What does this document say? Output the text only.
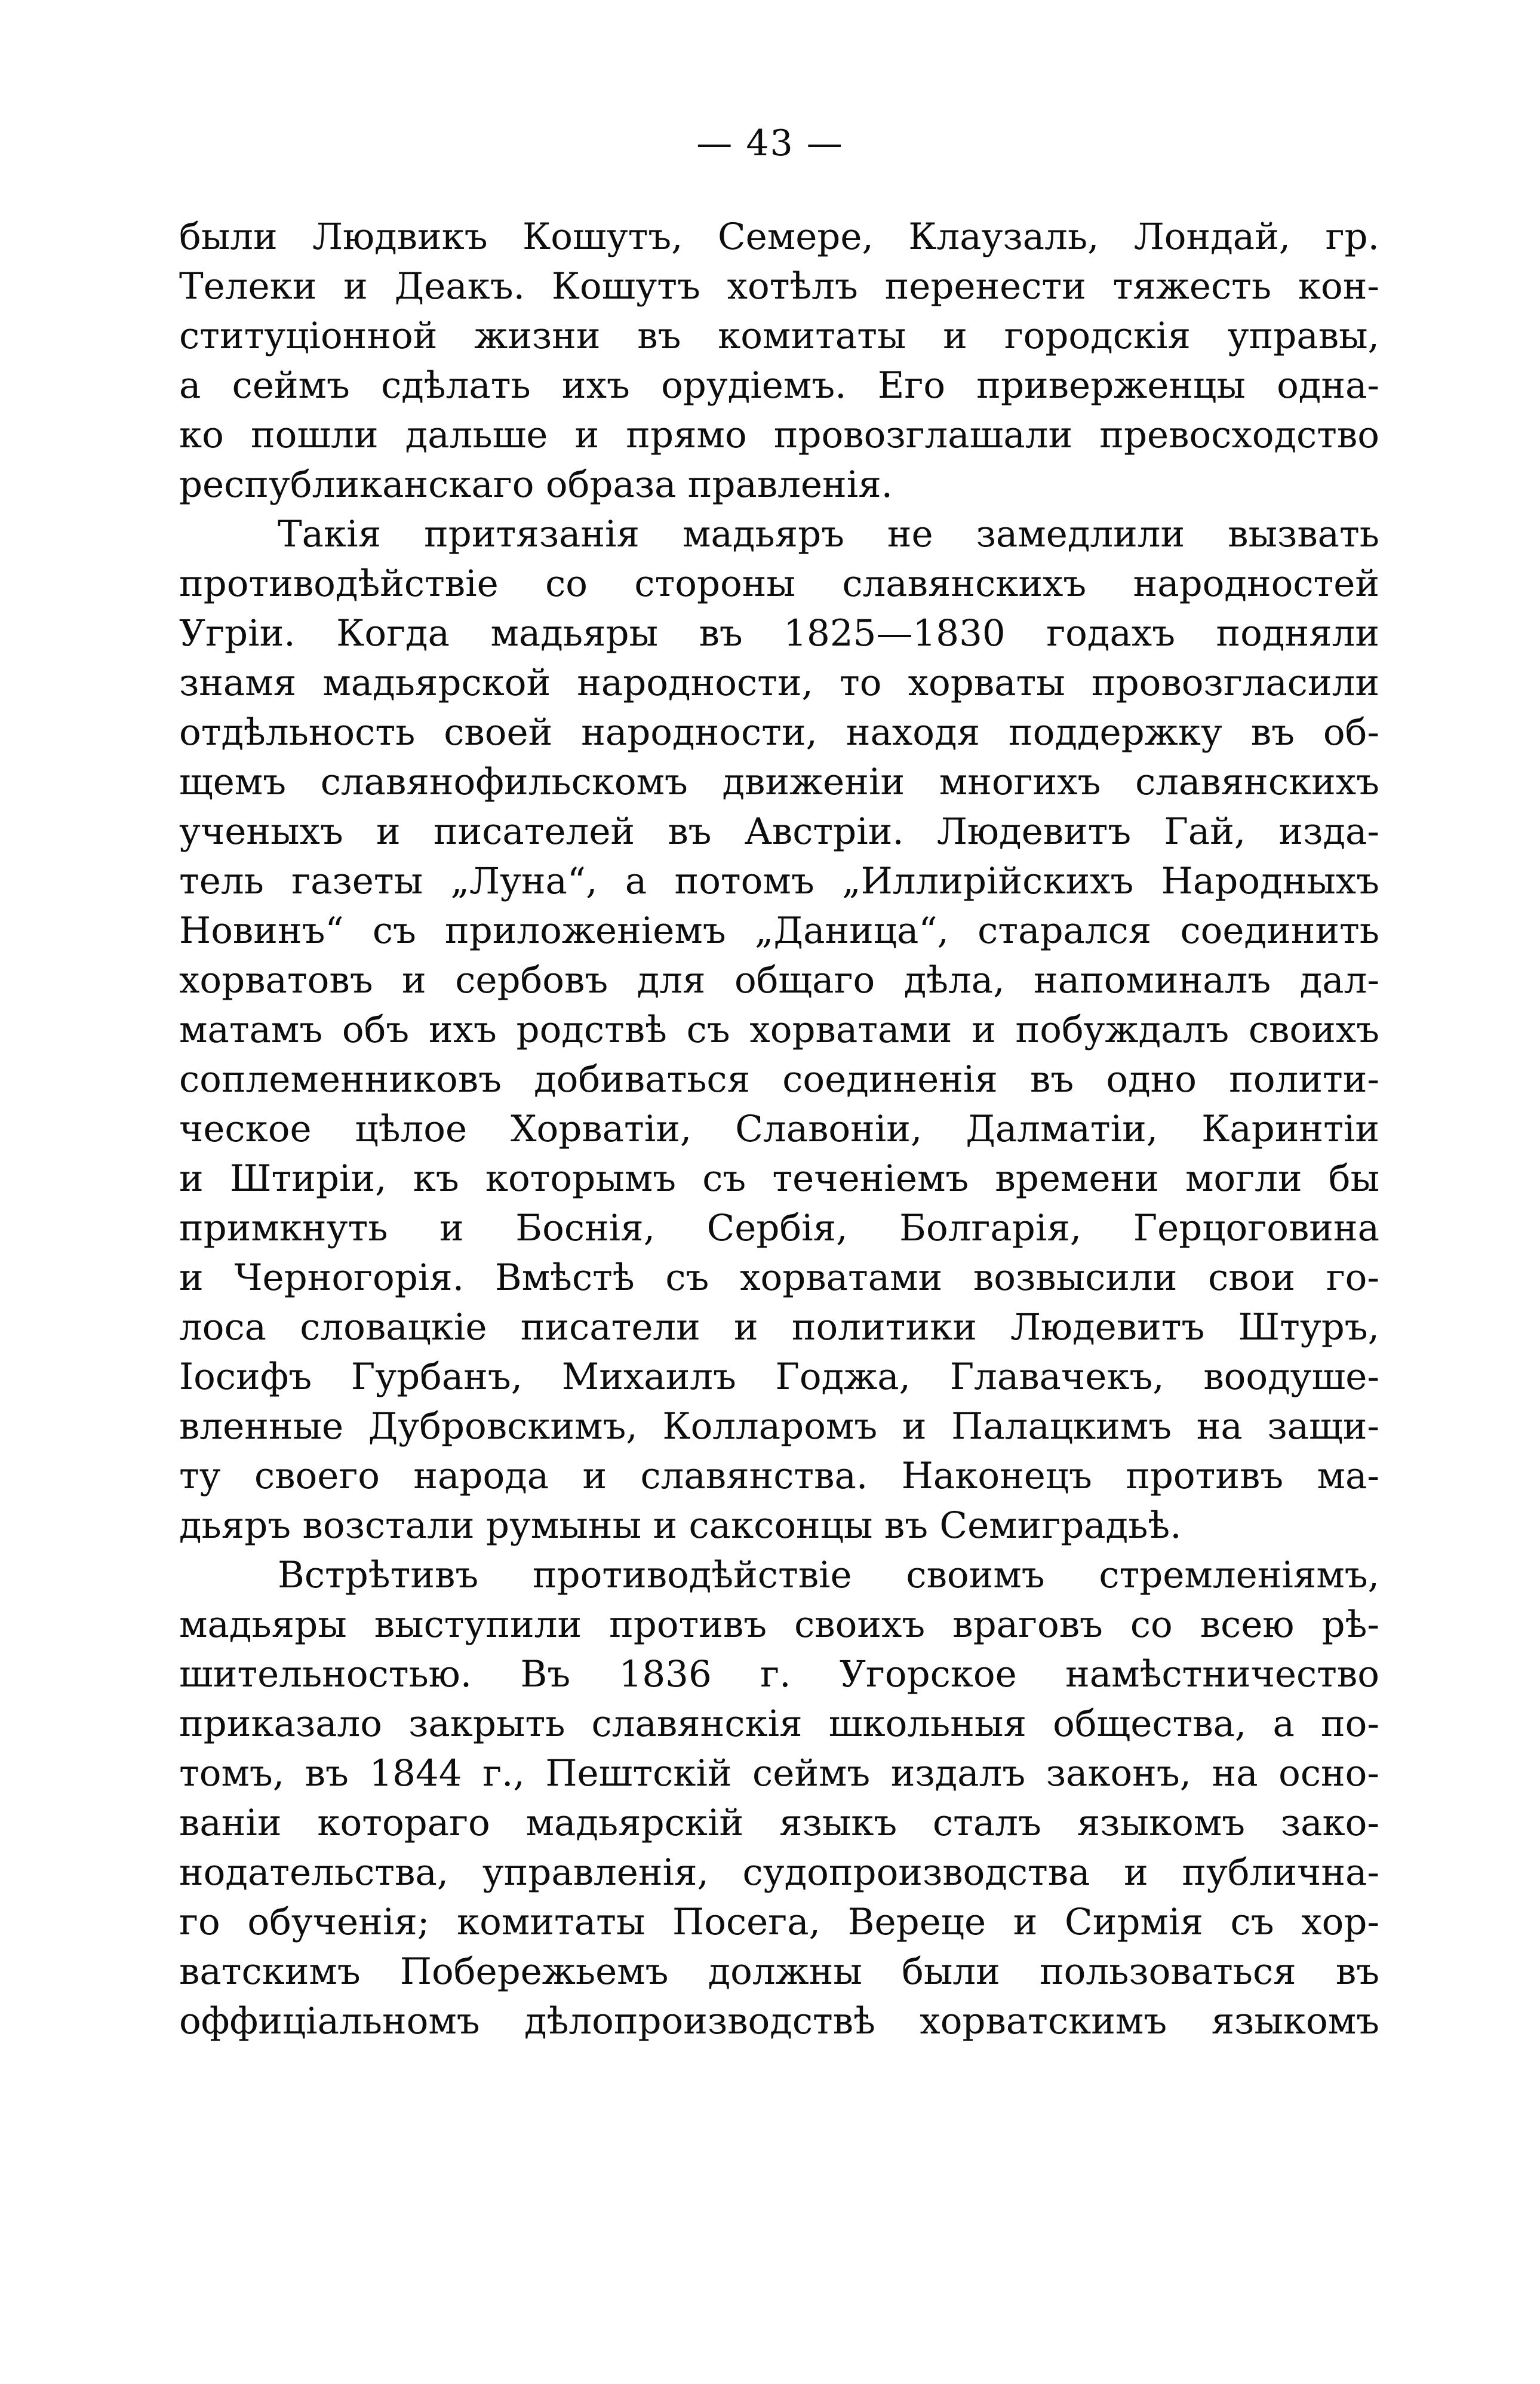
— 43 —
были Людвикъ Кошутъ, Семере, Клаузаль, Лондай, гр.
Телеки и Деакъ. Кошутъ хотѣлъ перенести тяжесть кон-
ституціонной жизни въ комитаты и городскія управы,
а сеймъ сдѣлать ихъ орудіемъ. Его приверженцы одна-
ко пошли дальше и прямо провозглашали превосходство
республиканскаго образа правленія.
Такія притязанія мадьяръ не замедлили вызвать
противодѣйствіе со стороны славянскихъ народностей
Угріи. Когда мадьяры въ 1825—1830 годахъ подняли
знамя мадьярской народности, то хорваты провозгласили
отдѣльность своей народности, находя поддержку въ об-
щемъ славянофильскомъ движеніи многихъ славянскихъ
ученыхъ и писателей въ Австріи. Людевитъ Гай, изда-
тель газеты „Луна“, а потомъ „Иллирійскихъ Народныхъ
Новинъ“ съ приложеніемъ „Даница“, старался соединить
хорватовъ и сербовъ для общаго дѣла, напоминалъ дал-
матамъ объ ихъ родствѣ съ хорватами и побуждалъ своихъ
соплеменниковъ добиваться соединенія въ одно полити-
ческое цѣлое Хорватіи, Славоніи, Далматіи, Каринтіи
и Штиріи, къ которымъ съ теченіемъ времени могли бы
примкнуть и Боснія, Сербія, Болгарія, Герцоговина
и Черногорія. Вмѣстѣ съ хорватами возвысили свои го-
лоса словацкіе писатели и политики Людевитъ Штуръ,
Іосифъ Гурбанъ, Михаилъ Годжа, Главачекъ, воодуше-
вленные Дубровскимъ, Колларомъ и Палацкимъ на защи-
ту своего народа и славянства. Наконецъ противъ ма-
дьяръ возстали румыны и саксонцы въ Семиградьѣ.
Встрѣтивъ противодѣйствіе своимъ стремленіямъ,
мадьяры выступили противъ своихъ враговъ со всею рѣ-
шительностью. Въ 1836 г. Угорское намѣстничество
приказало закрыть славянскія школьныя общества, а по-
томъ, въ 1844 г., Пештскій сеймъ издалъ законъ, на осно-
ваніи котораго мадьярскій языкъ сталъ языкомъ зако-
нодательства, управленія, судопроизводства и публична-
го обученія; комитаты Посега, Вереце и Сирмія съ хор-
ватскимъ Побережьемъ должны были пользоваться въ
оффиціальномъ дѣлопроизводствѣ хорватскимъ языкомъ
